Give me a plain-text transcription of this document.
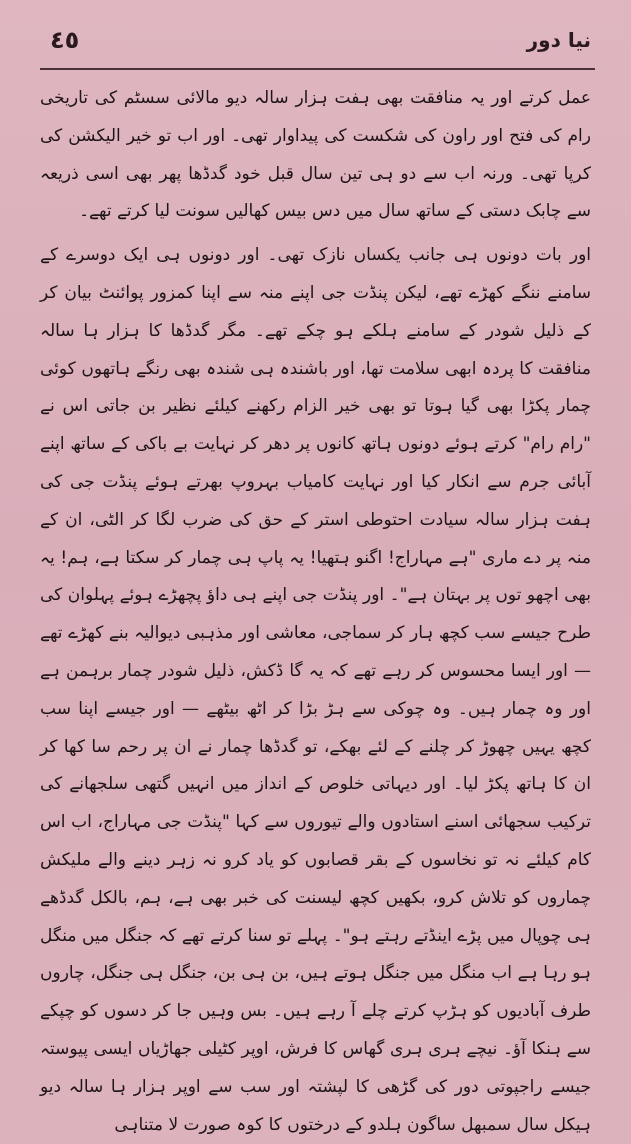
٤٥	نیا دور

عمل کرتے اور یہ منافقت بھی ہفت ہزار سالہ دیو مالائی سسٹم کی تاریخی رام کی فتح اور راون کی شکست کی پیداوار تھی۔ اور اب تو خیر الیکشن کی کرپا تھی۔ ورنہ اب سے دو ہی تین سال قبل خود گدڈھا پھر بھی اسی ذریعہ سے چابک دستی کے ساتھ سال میں دس بیس کھالیں سونت لیا کرتے تھے۔

اور بات دونوں ہی جانب یکساں نازک تھی۔ اور دونوں ہی ایک دوسرے کے سامنے ننگے کھڑے تھے، لیکن پنڈت جی اپنے منہ سے اپنا کمزور پوائنٹ بیان کر کے ذلیل شودر کے سامنے ہلکے ہو چکے تھے۔ مگر گدڈھا کا ہزار ہا سالہ منافقت کا پردہ ابھی سلامت تھا، اور باشندہ ہی شندہ بھی رنگے ہاتھوں کوئی چمار پکڑا بھی گیا ہوتا تو بھی خیر الزام رکھنے کیلئے نظیر بن جاتی اس نے "رام رام" کرتے ہوئے دونوں ہاتھ کانوں پر دھر کر نہایت بے باکی کے ساتھ اپنے آبائی جرم سے انکار کیا اور نہایت کامیاب بہروپ بھرتے ہوئے پنڈت جی کی ہفت ہزار سالہ سیادت احتوطی استر کے حق کی ضرب لگا کر الٹی، ان کے منہ پر دے ماری "ہے مہاراج! اگنو ہتھیا! یہ پاپ ہی چمار کر سکتا ہے، ہم! یہ بھی اچھو توں پر بہتان ہے"۔ اور پنڈت جی اپنے ہی داؤ پچھڑے ہوئے پہلوان کی طرح جیسے سب کچھ ہار کر سماجی، معاشی اور مذہبی دیوالیہ بنے کھڑے تھے — اور ایسا محسوس کر رہے تھے کہ یہ گا ڈکش، ذلیل شودر چمار برہمن ہے اور وہ چمار ہیں۔ وہ چوکی سے ہڑ بڑا کر اٹھ بیٹھے — اور جیسے اپنا سب کچھ یہیں چھوڑ کر چلنے کے لئے بھکے، تو گدڈھا چمار نے ان پر رحم سا کھا کر ان کا ہاتھ پکڑ لیا۔ اور دیہاتی خلوص کے انداز میں انہیں گتھی سلجھانے کی ترکیب سجھائی اسنے استادوں والے تیوروں سے کہا "پنڈت جی مہاراج، اب اس کام کیلئے نہ تو نخاسوں کے بقر قصابوں کو یاد کرو نہ زہر دینے والے ملیکش چماروں کو تلاش کرو، بکھیں کچھ لیسنت کی خبر بھی ہے، ہم، بالکل گدڈھے ہی چوپال میں پڑے اینڈتے رہتے ہو"۔ پہلے تو سنا کرتے تھے کہ جنگل میں منگل ہو رہا ہے اب منگل میں جنگل ہوتے ہیں، بن ہی بن، جنگل ہی جنگل، چاروں طرف آبادیوں کو ہڑپ کرتے چلے آ رہے ہیں۔ بس وہیں جا کر دسوں کو چپکے سے ہنکا آؤ۔ نیچے ہری ہری گھاس کا فرش، اوپر کٹیلی جھاڑیاں ایسی پیوستہ جیسے راجپوتی دور کی گڑھی کا لپشتہ اور سب سے اوپر ہزار ہا سالہ دیو ہیکل سال سمبھل ساگون ہلدو کے درختوں کا کوہ صورت لا متناہی
